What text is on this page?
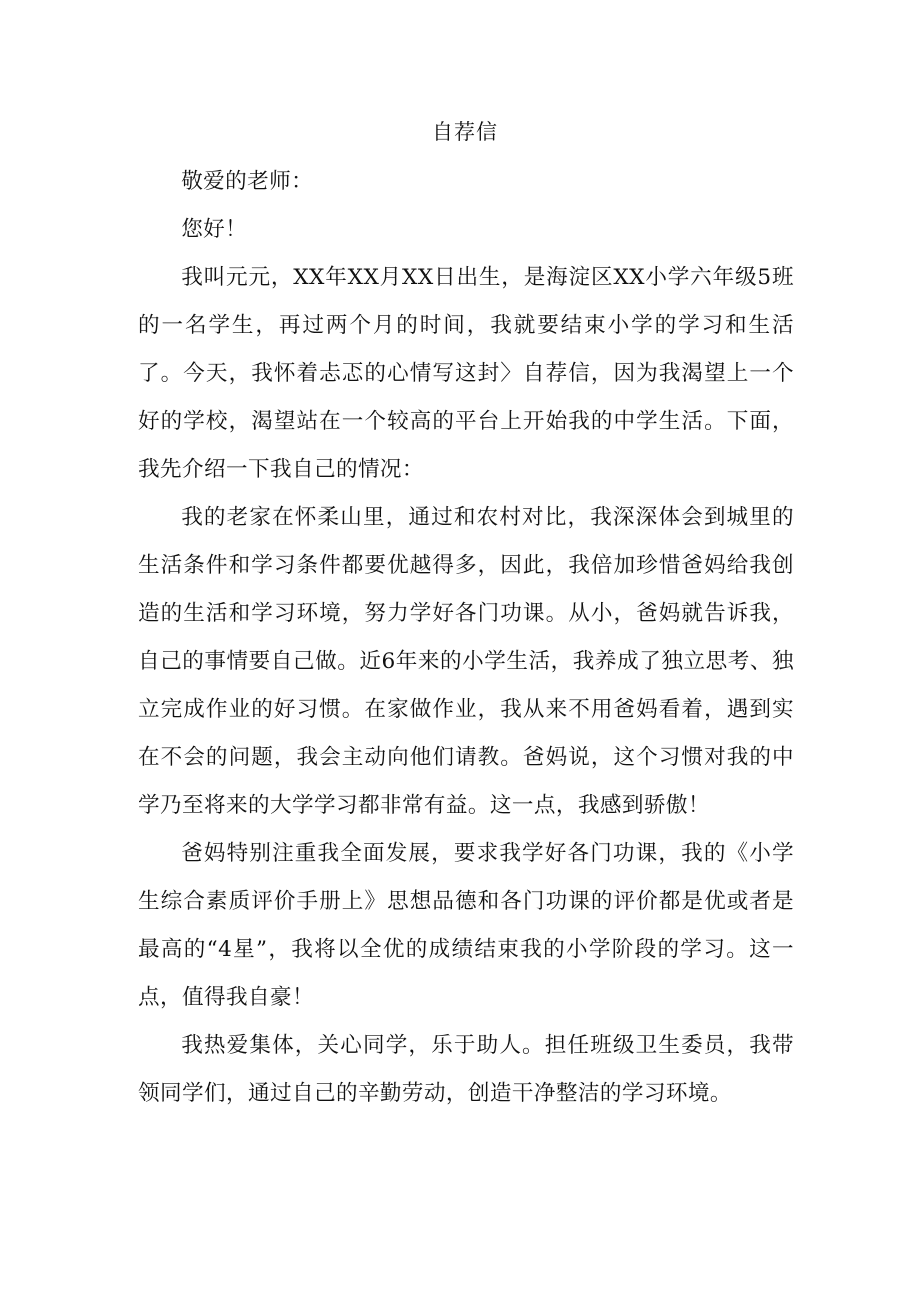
自荐信

敬爱的老师：

您好！

我叫元元，XX年XX月XX日出生，是海淀区XX小学六年级5班的一名学生，再过两个月的时间，我就要结束小学的学习和生活了。今天，我怀着忐忑的心情写这封〉自荐信，因为我渴望上一个好的学校，渴望站在一个较高的平台上开始我的中学生活。下面，我先介绍一下我自己的情况：

我的老家在怀柔山里，通过和农村对比，我深深体会到城里的生活条件和学习条件都要优越得多，因此，我倍加珍惜爸妈给我创造的生活和学习环境，努力学好各门功课。从小，爸妈就告诉我，自己的事情要自己做。近6年来的小学生活，我养成了独立思考、独立完成作业的好习惯。在家做作业，我从来不用爸妈看着，遇到实在不会的问题，我会主动向他们请教。爸妈说，这个习惯对我的中学乃至将来的大学学习都非常有益。这一点，我感到骄傲！

爸妈特别注重我全面发展，要求我学好各门功课，我的《小学生综合素质评价手册上》思想品德和各门功课的评价都是优或者是最高的“4星”，我将以全优的成绩结束我的小学阶段的学习。这一点，值得我自豪！

我热爱集体，关心同学，乐于助人。担任班级卫生委员，我带领同学们，通过自己的辛勤劳动，创造干净整洁的学习环境。
